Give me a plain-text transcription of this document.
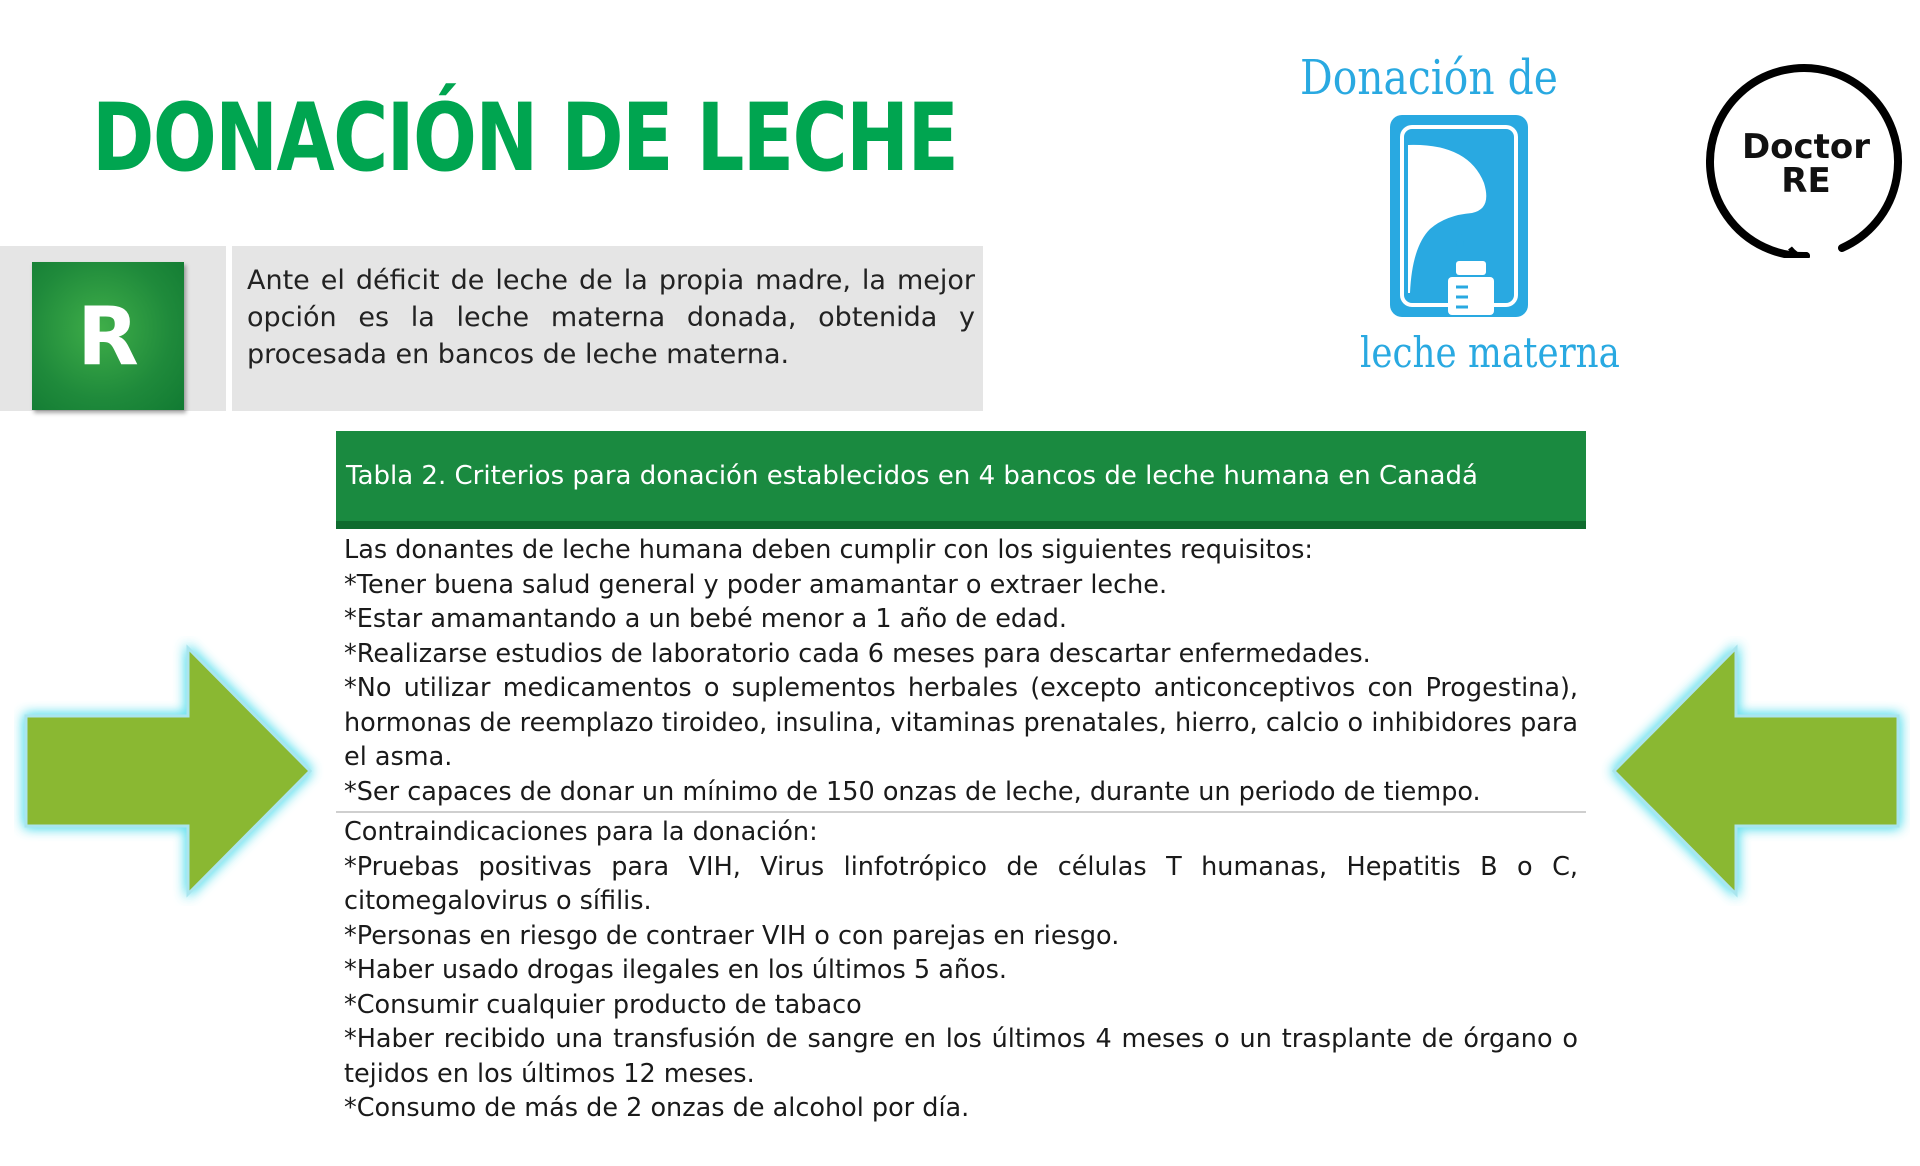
DONACIÓN DE LECHE
R
Ante el déficit de leche de la propia madre, la mejor opción es la leche materna donada, obtenida y procesada en bancos de leche materna.
Donación de
leche materna
Doctor
RE
Tabla 2. Criterios para donación establecidos en 4 bancos de leche humana en Canadá

Las donantes de leche humana deben cumplir con los siguientes requisitos:

*Tener buena salud general y poder amamantar o extraer leche.

*Estar amamantando a un bebé menor a 1 año de edad.

*Realizarse estudios de laboratorio cada 6 meses para descartar enfermedades.

*No utilizar medicamentos o suplementos herbales (excepto anticonceptivos con Progestina), hormonas de reemplazo tiroideo, insulina, vitaminas prenatales, hierro, calcio o inhibidores para el asma.

*Ser capaces de donar un mínimo de 150 onzas de leche, durante un periodo de tiempo.

Contraindicaciones para la donación:

*Pruebas positivas para VIH, Virus linfotrópico de células T humanas, Hepatitis B o C, citomegalovirus o sífilis.

*Personas en riesgo de contraer VIH o con parejas en riesgo.

*Haber usado drogas ilegales en los últimos 5 años.

*Consumir cualquier producto de tabaco

*Haber recibido una transfusión de sangre en los últimos 4 meses o un trasplante de órgano o tejidos en los últimos 12 meses.

*Consumo de más de 2 onzas de alcohol por día.
